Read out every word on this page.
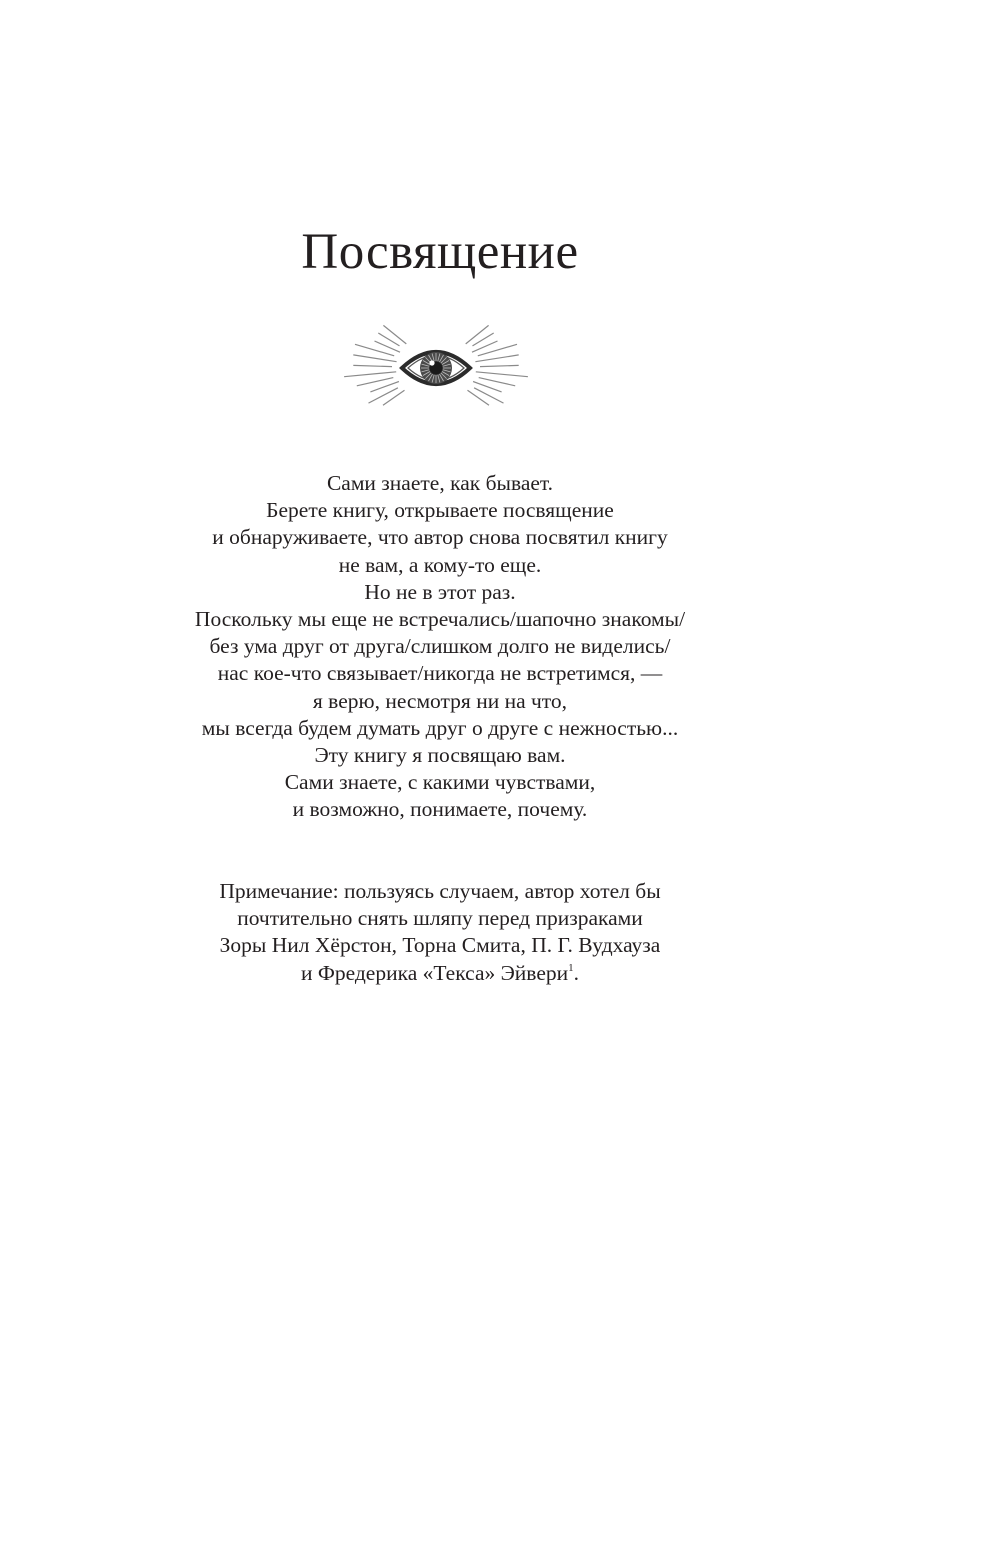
Посвящение
Сами знаете, как бывает.
Берете книгу, открываете посвящение
и обнаруживаете, что автор снова посвятил книгу
не вам, а кому-то еще.
Но не в этот раз.
Поскольку мы еще не встречались/шапочно знакомы/
без ума друг от друга/слишком долго не виделись/
нас кое-что связывает/никогда не встретимся, —
я верю, несмотря ни на что,
мы всегда будем думать друг о друге с нежностью...
Эту книгу я посвящаю вам.
Сами знаете, с какими чувствами,
и возможно, понимаете, почему.
Примечание: пользуясь случаем, автор хотел бы
почтительно снять шляпу перед призраками
Зоры Нил Хёрстон, Торна Смита, П. Г. Вудхауза
и Фредерика «Текса» Эйвери$^1$.
